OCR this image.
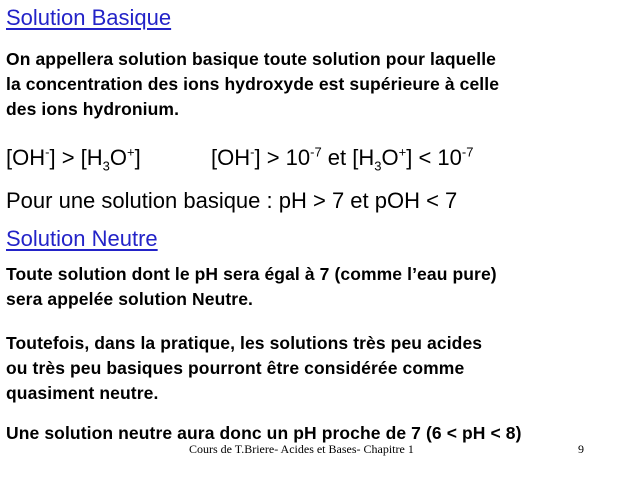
Solution Basique
On appellera solution basique toute solution pour laquelle
la concentration des ions hydroxyde est supérieure à celle
des ions hydronium.
$[OH^-] > [H_3O^+]$	$[OH^-] > 10^{-7}$ et $[H_3O^+] < 10^{-7}$
Pour une solution basique : pH > 7 et pOH < 7
Solution Neutre
Toute solution dont le pH sera égal à 7 (comme l’eau pure)
sera appelée solution Neutre.
Toutefois, dans la pratique, les solutions très peu acides
ou très peu basiques pourront être considérée comme
quasiment neutre.
Une solution neutre aura donc un pH proche de 7 (6 < pH < 8)
Cours de T.Briere- Acides et Bases- Chapitre 1	9
